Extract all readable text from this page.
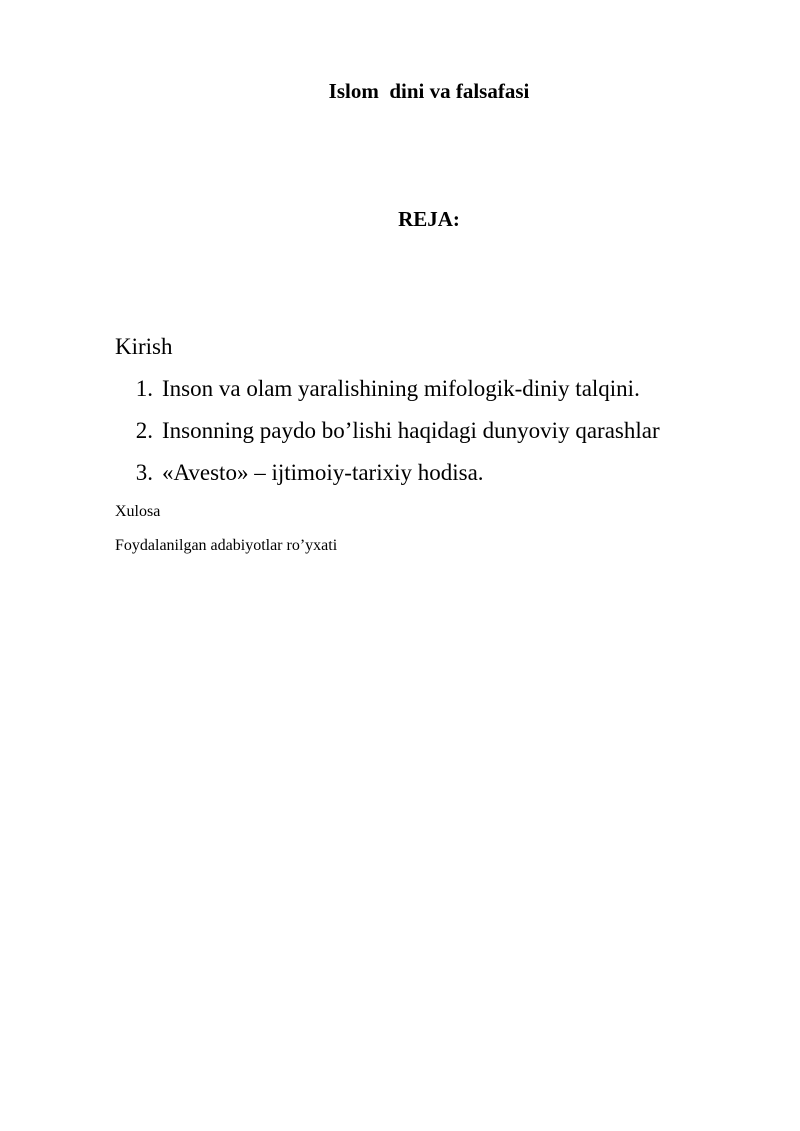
Islom  dini va falsafasi
REJA:
Kirish
1. Inson va olam yaralishining mifologik-diniy talqini.
2. Insonning paydo bo’lishi haqidagi dunyoviy qarashlar
3. «Avesto» – ijtimoiy-tarixiy hodisa.
Xulosa
Foydalanilgan adabiyotlar ro’yxati
